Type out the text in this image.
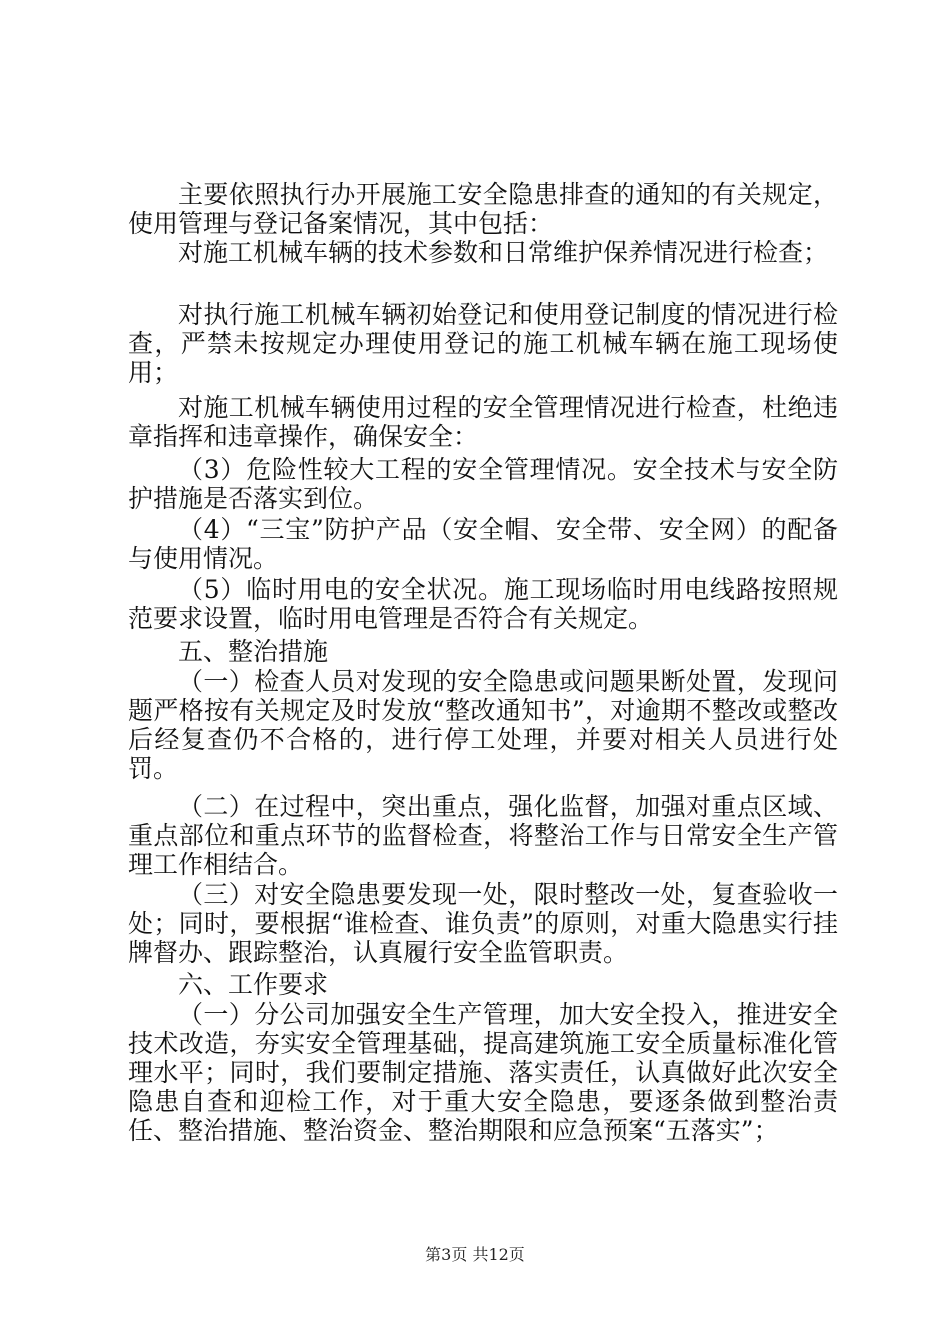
主要依照执行办开展施工安全隐患排查的通知的有关规定，使用管理与登记备案情况，其中包括：

对施工机械车辆的技术参数和日常维护保养情况进行检查；

对执行施工机械车辆初始登记和使用登记制度的情况进行检查，严禁未按规定办理使用登记的施工机械车辆在施工现场使用；

对施工机械车辆使用过程的安全管理情况进行检查，杜绝违章指挥和违章操作，确保安全：

（3）危险性较大工程的安全管理情况。安全技术与安全防护措施是否落实到位。

（4）“三宝”防护产品（安全帽、安全带、安全网）的配备与使用情况。

（5）临时用电的安全状况。施工现场临时用电线路按照规范要求设置，临时用电管理是否符合有关规定。

五、整治措施

（一）检查人员对发现的安全隐患或问题果断处置，发现问题严格按有关规定及时发放“整改通知书”，对逾期不整改或整改后经复查仍不合格的，进行停工处理，并要对相关人员进行处罚。

（二）在过程中，突出重点，强化监督，加强对重点区域、重点部位和重点环节的监督检查，将整治工作与日常安全生产管理工作相结合。

（三）对安全隐患要发现一处，限时整改一处，复查验收一处；同时，要根据“谁检查、谁负责”的原则，对重大隐患实行挂牌督办、跟踪整治，认真履行安全监管职责。

六、工作要求

（一）分公司加强安全生产管理，加大安全投入，推进安全技术改造，夯实安全管理基础，提高建筑施工安全质量标准化管理水平；同时，我们要制定措施、落实责任，认真做好此次安全隐患自查和迎检工作，对于重大安全隐患，要逐条做到整治责任、整治措施、整治资金、整治期限和应急预案“五落实”；

第3页 共12页
